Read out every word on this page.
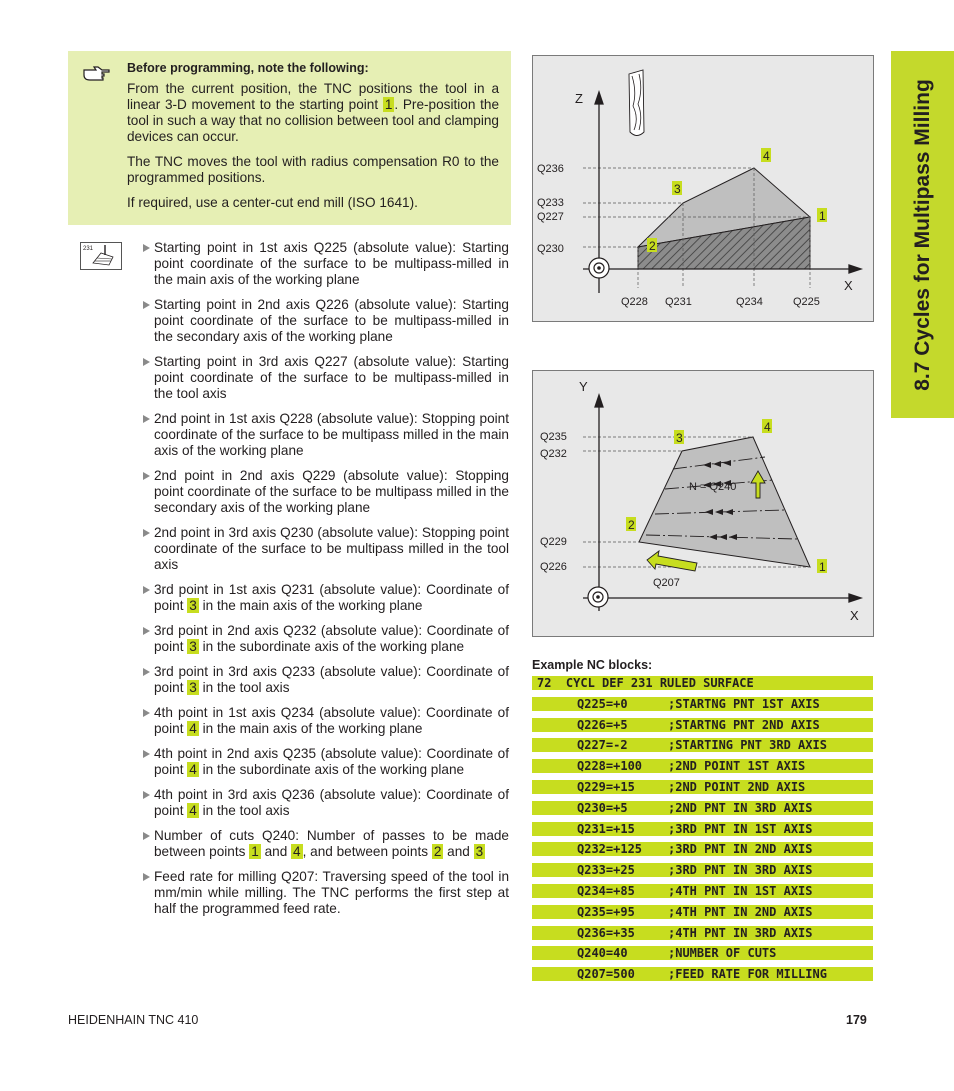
8.7 Cycles for Multipass Milling
Before programming, note the following:

From the current position, the TNC positions the tool in a linear 3-D movement to the starting point 1 . Pre-position the tool in such a way that no collision between tool and clamping devices can occur.

The TNC moves the tool with radius compensation R0 to the programmed positions.

If required, use a center-cut end mill (ISO 1641).

231	Starting point in 1st axis Q225 (absolute value): Starting point coordinate of the surface to be multipass-milled in the main axis of the working plane
Starting point in 2nd axis Q226 (absolute value): Starting point coordinate of the surface to be multipass-milled in the secondary axis of the working plane
Starting point in 3rd axis Q227 (absolute value): Starting point coordinate of the surface to be multipass-milled in the tool axis
2nd point in 1st axis Q228 (absolute value): Stopping point coordinate of the surface to be multipass milled in the main axis of the working plane
2nd point in 2nd axis Q229 (absolute value): Stopping point coordinate of the surface to be multipass milled in the secondary axis of the working plane
2nd point in 3rd axis Q230 (absolute value): Stopping point coordinate of the surface to be multipass milled in the tool axis
3rd point in 1st axis Q231 (absolute value): Coordinate of point 3 in the main axis of the working plane
3rd point in 2nd axis Q232 (absolute value): Coordinate of point 3 in the subordinate axis of the working plane
3rd point in 3rd axis Q233 (absolute value): Coordinate of point 3 in the tool axis
4th point in 1st axis Q234 (absolute value): Coordinate of point 4 in the main axis of the working plane
4th point in 2nd axis Q235 (absolute value): Coordinate of point 4 in the subordinate axis of the working plane
4th point in 3rd axis Q236 (absolute value): Coordinate of point 4 in the tool axis
Number of cuts Q240: Number of passes to be made between points 1 and 4 , and between points 2 and 3
Feed rate for milling Q207: Traversing speed of the tool in mm/min while milling. The TNC performs the first step at half the programmed feed rate.
Z
X
Q236
Q233
Q227
Q230
Q228 Q231	Q234	Q225
1
2
3
4
Y
X
Q235
Q232
Q229
Q226
N = Q240
Q207
1
2
3
4
Example NC blocks:
72  CYCL DEF 231 RULED SURFACE
Q225=+0	;STARTNG PNT 1ST AXIS
Q226=+5	;STARTNG PNT 2ND AXIS
Q227=-2	;STARTING PNT 3RD AXIS
Q228=+100 ;2ND POINT 1ST AXIS
Q229=+15	;2ND POINT 2ND AXIS
Q230=+5	;2ND PNT IN 3RD AXIS
Q231=+15	;3RD PNT IN 1ST AXIS
Q232=+125 ;3RD PNT IN 2ND AXIS
Q233=+25	;3RD PNT IN 3RD AXIS
Q234=+85	;4TH PNT IN 1ST AXIS
Q235=+95	;4TH PNT IN 2ND AXIS
Q236=+35	;4TH PNT IN 3RD AXIS
Q240=40	;NUMBER OF CUTS
Q207=500	;FEED RATE FOR MILLING
HEIDENHAIN TNC 410	179
